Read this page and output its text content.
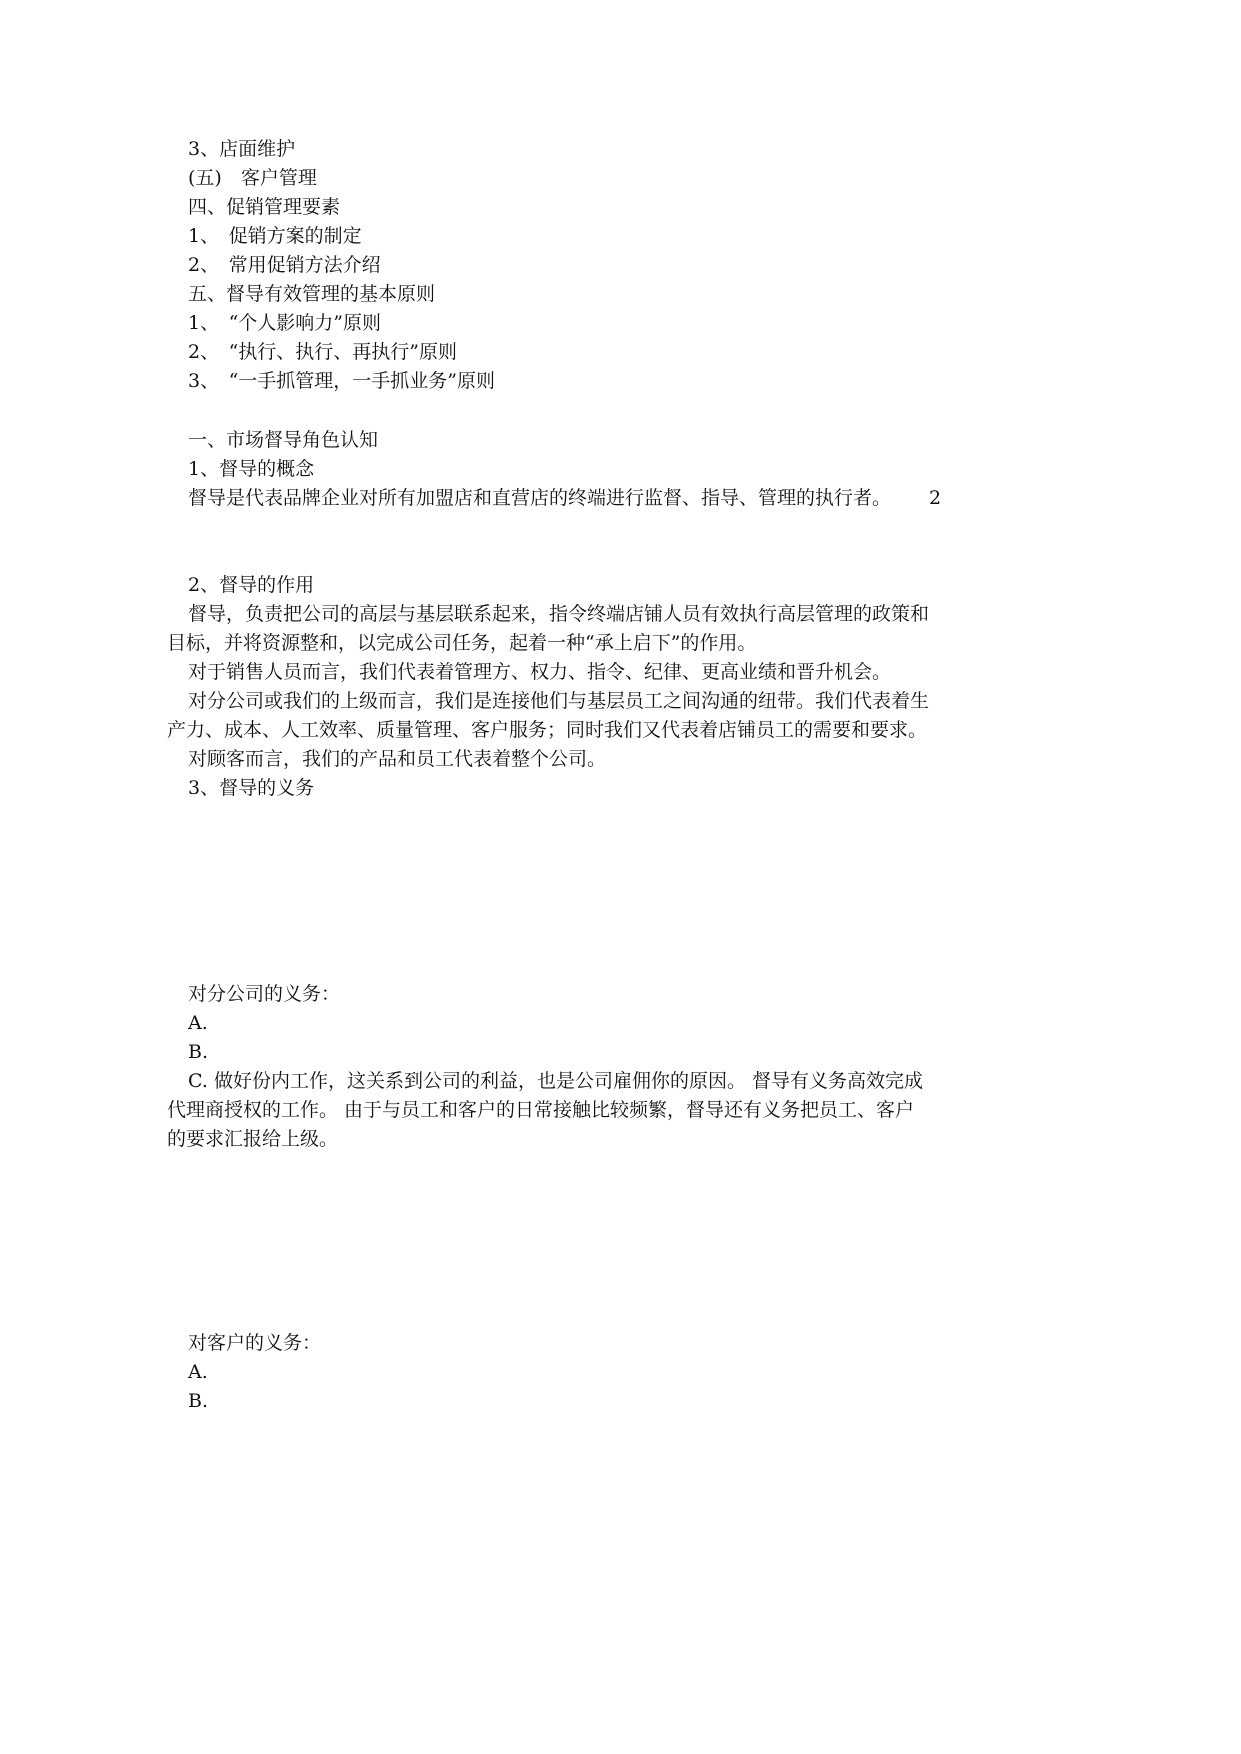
3、店面维护
(五)　客户管理
四、促销管理要素
1、　促销方案的制定
2、　常用促销方法介绍
五、督导有效管理的基本原则
1、　“个人影响力”原则
2、　“执行、执行、再执行”原则
3、　“一手抓管理，一手抓业务”原则
一、市场督导角色认知
1、督导的概念
督导是代表品牌企业对所有加盟店和直营店的终端进行监督、指导、管理的执行者。 2
2、督导的作用
督导，负责把公司的高层与基层联系起来，指令终端店铺人员有效执行高层管理的政策和
目标，并将资源整和，以完成公司任务，起着一种“承上启下”的作用。
对于销售人员而言，我们代表着管理方、权力、指令、纪律、更高业绩和晋升机会。
对分公司或我们的上级而言，我们是连接他们与基层员工之间沟通的纽带。我们代表着生
产力、成本、人工效率、质量管理、客户服务；同时我们又代表着店铺员工的需要和要求。
对顾客而言，我们的产品和员工代表着整个公司。
3、督导的义务
对分公司的义务：
A.
B.
C. 做好份内工作，这关系到公司的利益，也是公司雇佣你的原因。 督导有义务高效完成
代理商授权的工作。 由于与员工和客户的日常接触比较频繁，督导还有义务把员工、客户
的要求汇报给上级。
对客户的义务：
A.
B.
